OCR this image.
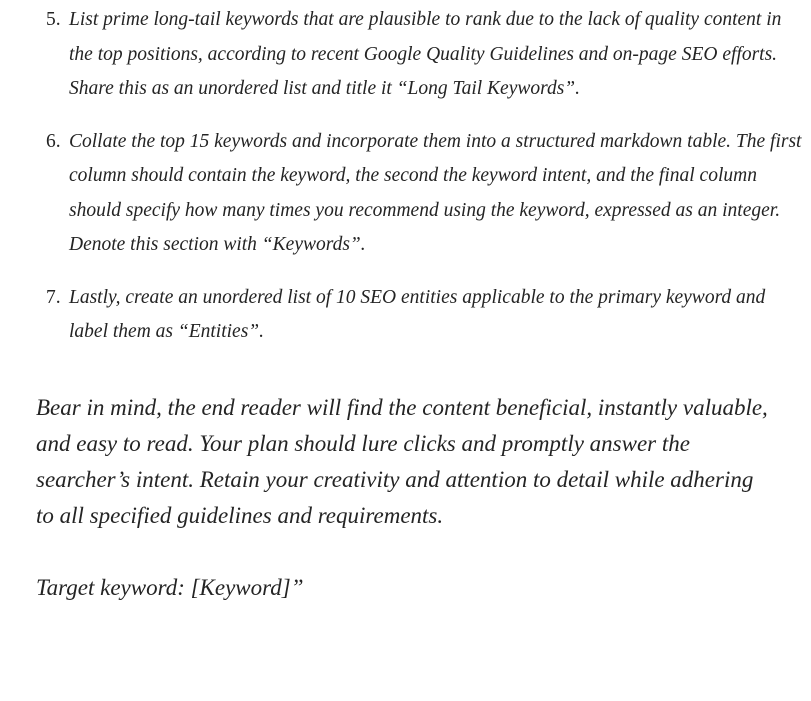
5. List prime long-tail keywords that are plausible to rank due to the lack of quality content in the top positions, according to recent Google Quality Guidelines and on-page SEO efforts. Share this as an unordered list and title it “Long Tail Keywords”.
6. Collate the top 15 keywords and incorporate them into a structured markdown table. The first column should contain the keyword, the second the keyword intent, and the final column should specify how many times you recommend using the keyword, expressed as an integer. Denote this section with “Keywords”.
7. Lastly, create an unordered list of 10 SEO entities applicable to the primary keyword and label them as “Entities”.

Bear in mind, the end reader will find the content beneficial, instantly valuable, and easy to read. Your plan should lure clicks and promptly answer the searcher’s intent. Retain your creativity and attention to detail while adhering to all specified guidelines and requirements.

Target keyword: [Keyword]”
